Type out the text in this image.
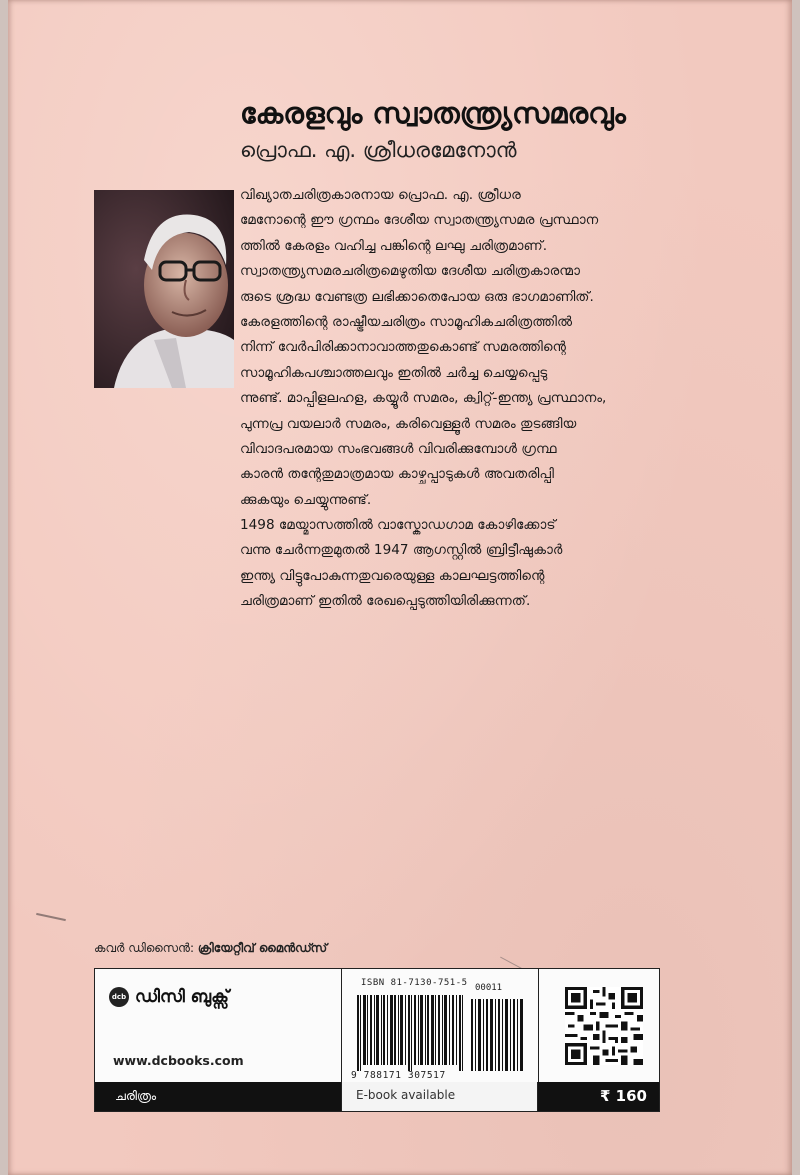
കേരളവും സ്വാതന്ത്ര്യസമരവും
പ്രൊഫ. എ. ശ്രീധരമേനോൻ
വിഖ്യാതചരിത്രകാരനായ പ്രൊഫ. എ. ശ്രീധര
മേനോന്റെ ഈ ഗ്രന്ഥം ദേശീയ സ്വാതന്ത്ര്യസമര പ്രസ്ഥാന
ത്തിൽ കേരളം വഹിച്ച പങ്കിന്റെ ലഘു ചരിത്രമാണ്.
സ്വാതന്ത്ര്യസമരചരിത്രമെഴുതിയ ദേശീയ ചരിത്രകാരന്മാ
രുടെ ശ്രദ്ധ വേണ്ടത്ര ലഭിക്കാതെപോയ ഒരു ഭാഗമാണിത്.
കേരളത്തിന്റെ രാഷ്ട്രീയചരിത്രം സാമൂഹികചരിത്രത്തിൽ
നിന്ന് വേർപിരിക്കാനാവാത്തതുകൊണ്ട് സമരത്തിന്റെ
സാമൂഹികപശ്ചാത്തലവും ഇതിൽ ചർച്ച ചെയ്യപ്പെടു
ന്നുണ്ട്. മാപ്പിളലഹള, കയ്യൂർ സമരം, ക്വിറ്റ്-ഇന്ത്യ പ്രസ്ഥാനം,
പുന്നപ്ര വയലാർ സമരം, കരിവെള്ളൂർ സമരം തുടങ്ങിയ
വിവാദപരമായ സംഭവങ്ങൾ വിവരിക്കുമ്പോൾ ഗ്രന്ഥ
കാരൻ തന്റേതുമാത്രമായ കാഴ്ചപ്പാടുകൾ അവതരിപ്പി
ക്കുകയും ചെയ്യുന്നുണ്ട്.
1498 മേയ്മാസത്തിൽ വാസ്കോഡഗാമ കോഴിക്കോട്
വന്നു ചേർന്നതുമുതൽ 1947 ആഗസ്റ്റിൽ ബ്രിട്ടീഷുകാർ
ഇന്ത്യ വിട്ടുപോകുന്നതുവരെയുള്ള കാലഘട്ടത്തിന്റെ
ചരിത്രമാണ് ഇതിൽ രേഖപ്പെടുത്തിയിരിക്കുന്നത്.
കവർ ഡിസൈൻ: ക്രിയേറ്റീവ് മൈൻഡ്സ്
dcb ഡിസി ബുക്സ്
www.dcbooks.com
ISBN 81-7130-751-5 00011
9 788171 307517
ചരിത്രം	E-book available	₹ 160
